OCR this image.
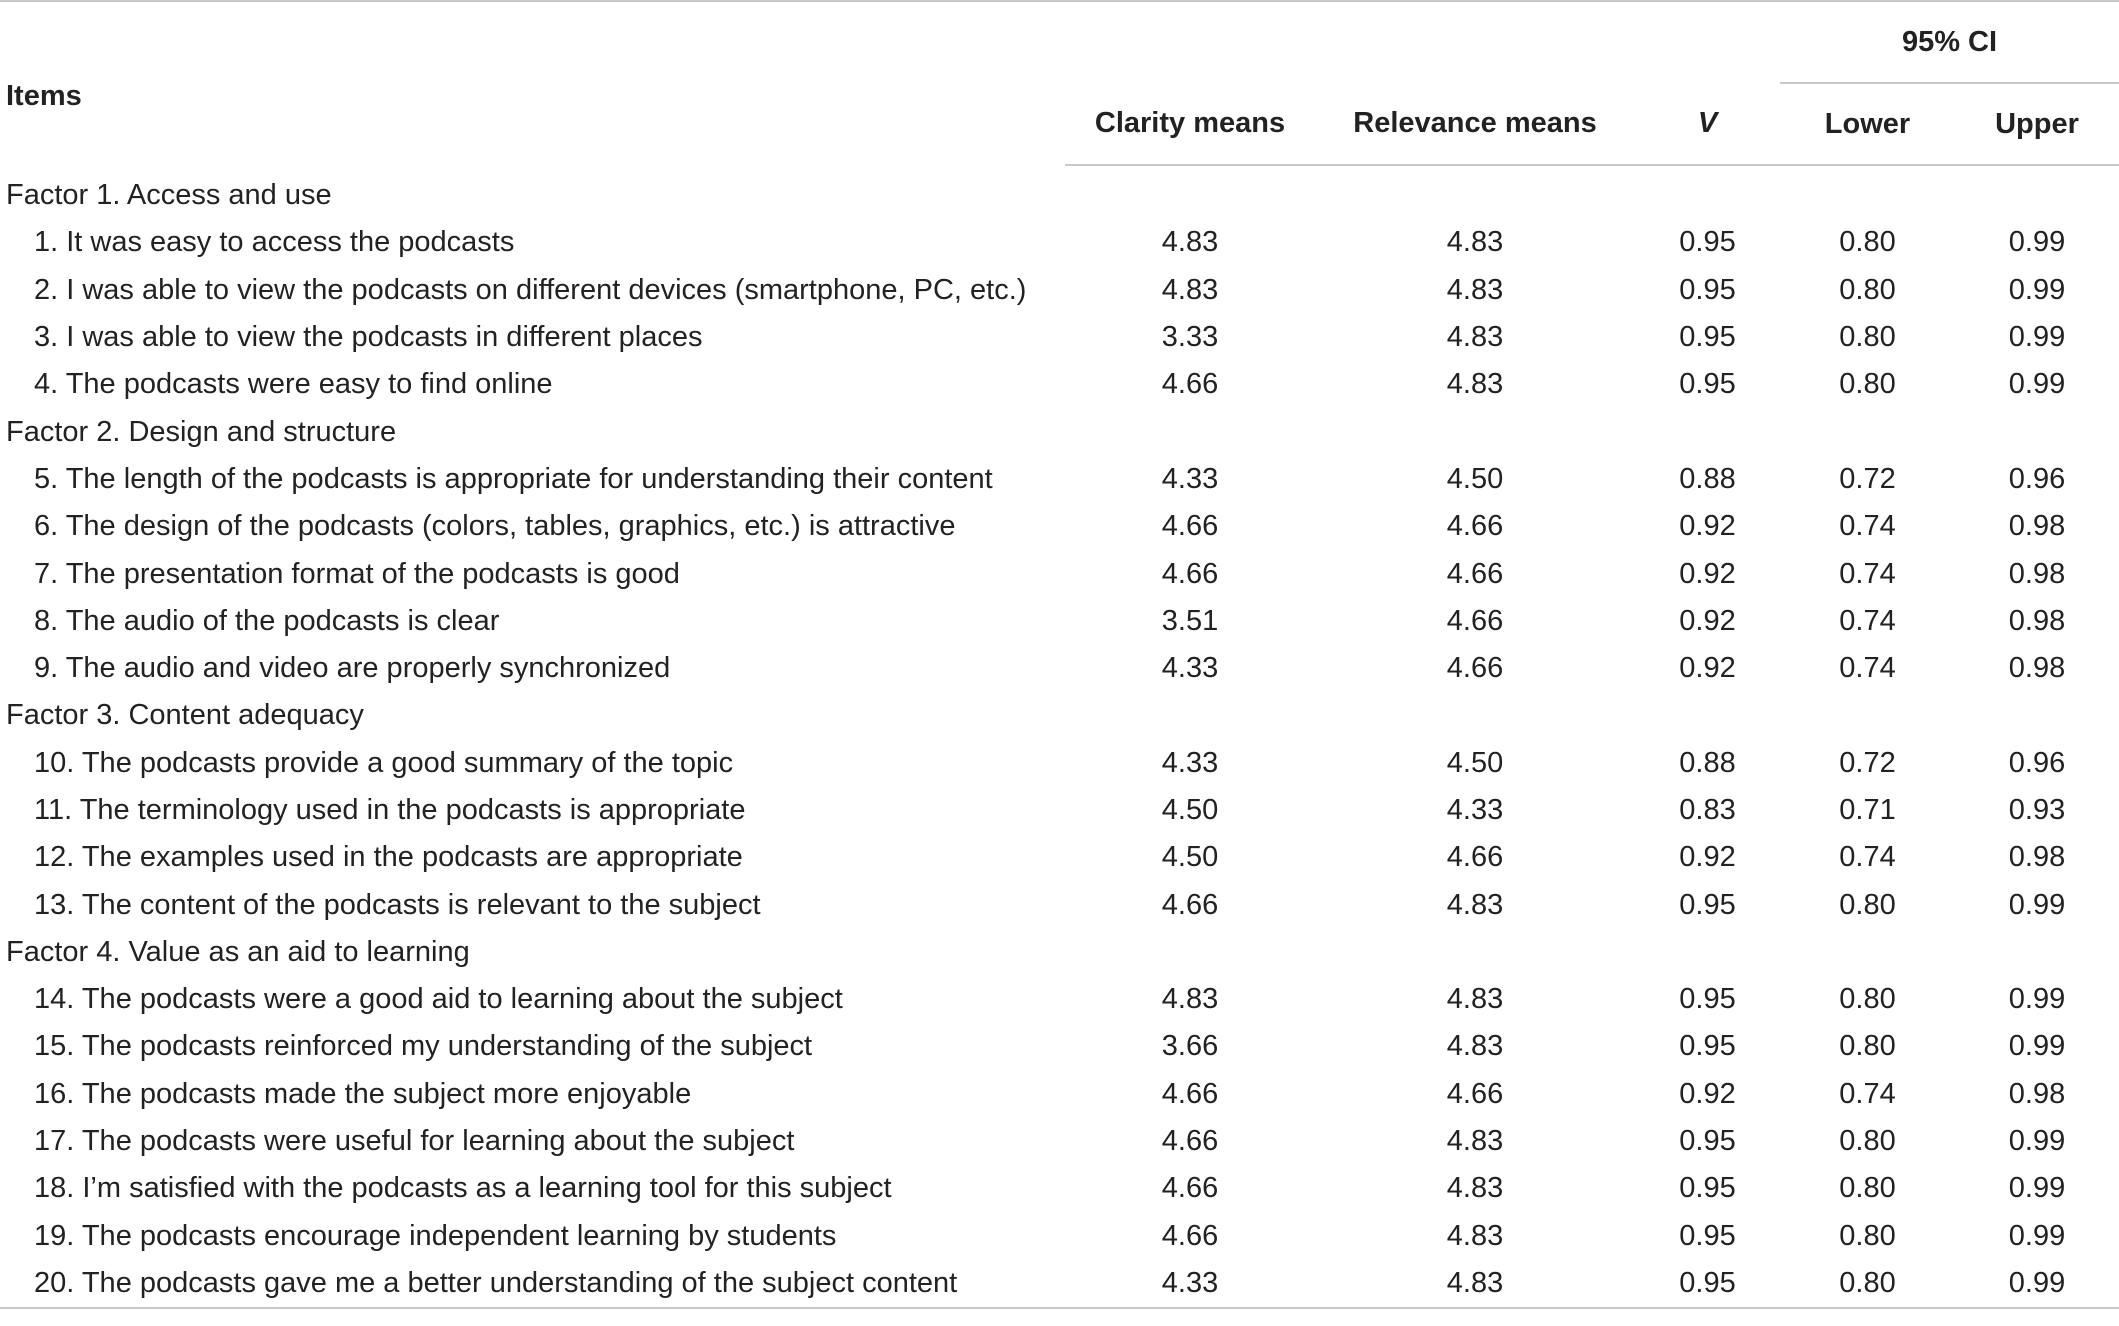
Items				95% CI	
	Clarity means	Relevance means	V	Lower	Upper
Factor 1. Access and use					
1. It was easy to access the podcasts	4.83	4.83	0.95	0.80	0.99
2. I was able to view the podcasts on different devices (smartphone, PC, etc.)	4.83	4.83	0.95	0.80	0.99
3. I was able to view the podcasts in different places	3.33	4.83	0.95	0.80	0.99
4. The podcasts were easy to find online	4.66	4.83	0.95	0.80	0.99
Factor 2. Design and structure					
5. The length of the podcasts is appropriate for understanding their content	4.33	4.50	0.88	0.72	0.96
6. The design of the podcasts (colors, tables, graphics, etc.) is attractive	4.66	4.66	0.92	0.74	0.98
7. The presentation format of the podcasts is good	4.66	4.66	0.92	0.74	0.98
8. The audio of the podcasts is clear	3.51	4.66	0.92	0.74	0.98
9. The audio and video are properly synchronized	4.33	4.66	0.92	0.74	0.98
Factor 3. Content adequacy					
10. The podcasts provide a good summary of the topic	4.33	4.50	0.88	0.72	0.96
11. The terminology used in the podcasts is appropriate	4.50	4.33	0.83	0.71	0.93
12. The examples used in the podcasts are appropriate	4.50	4.66	0.92	0.74	0.98
13. The content of the podcasts is relevant to the subject	4.66	4.83	0.95	0.80	0.99
Factor 4. Value as an aid to learning					
14. The podcasts were a good aid to learning about the subject	4.83	4.83	0.95	0.80	0.99
15. The podcasts reinforced my understanding of the subject	3.66	4.83	0.95	0.80	0.99
16. The podcasts made the subject more enjoyable	4.66	4.66	0.92	0.74	0.98
17. The podcasts were useful for learning about the subject	4.66	4.83	0.95	0.80	0.99
18. I’m satisfied with the podcasts as a learning tool for this subject	4.66	4.83	0.95	0.80	0.99
19. The podcasts encourage independent learning by students	4.66	4.83	0.95	0.80	0.99
20. The podcasts gave me a better understanding of the subject content	4.33	4.83	0.95	0.80	0.99
